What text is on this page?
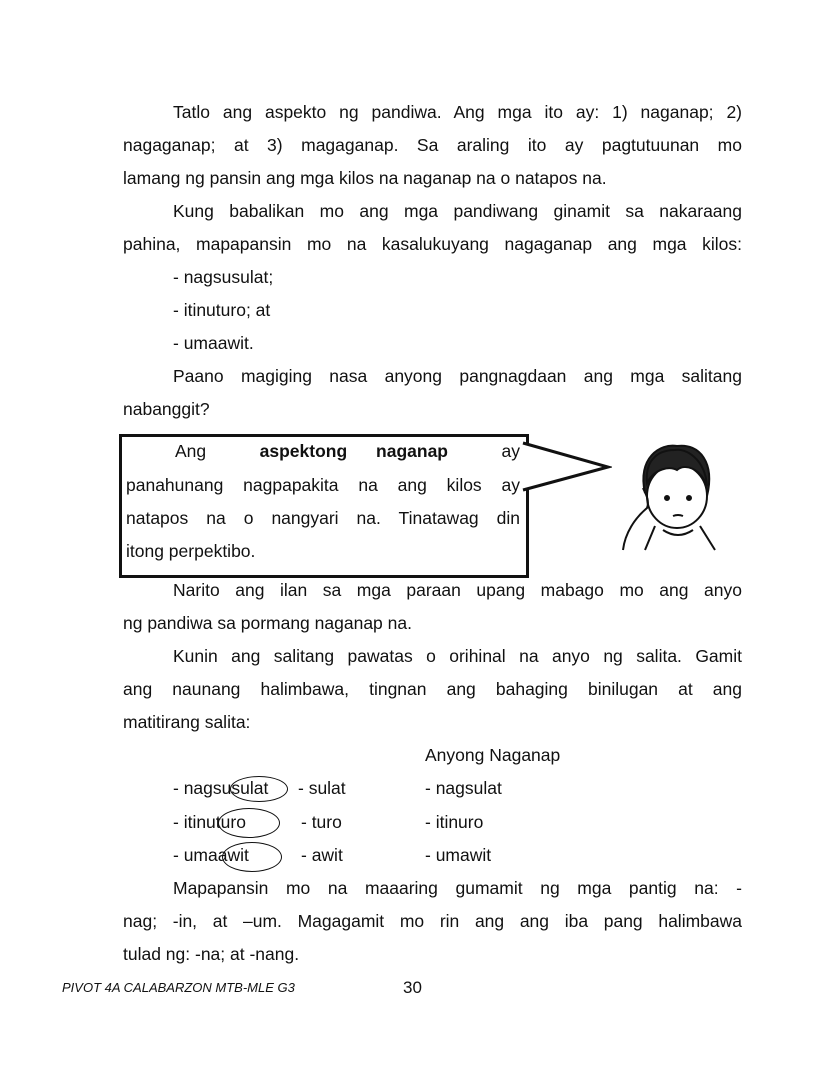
Tatlo ang aspekto ng pandiwa. Ang mga ito ay: 1) naganap; 2)
nagaganap; at 3) magaganap. Sa araling ito ay pagtutuunan mo
lamang ng pansin ang mga kilos na naganap na o natapos na.
Kung babalikan mo ang mga pandiwang ginamit sa nakaraang
pahina, mapapansin mo na kasalukuyang nagaganap ang mga kilos:
- nagsusulat;
- itinuturo; at
- umaawit.
Paano magiging nasa anyong pangnagdaan ang mga salitang
nabanggit?
Ang	aspektong naganap	ay
panahunang nagpapakita na ang kilos ay
natapos na o nangyari na. Tinatawag din
itong perpektibo.
Narito ang ilan sa mga paraan upang mabago mo ang anyo
ng pandiwa sa pormang naganap na.
Kunin ang salitang pawatas o orihinal na anyo ng salita. Gamit
ang naunang halimbawa, tingnan ang bahaging binilugan at ang
matitirang salita:
Anyong Naganap
- nagsusulat - sulat	- nagsulat
- itinuturo	- turo	- itinuro
- umaawit	- awit	- umawit
Mapapansin mo na maaaring gumamit ng mga pantig na: -
nag; -in, at –um. Magagamit mo rin ang ang iba pang halimbawa
tulad ng: -na; at -nang.
PIVOT 4A CALABARZON MTB-MLE G3	30
